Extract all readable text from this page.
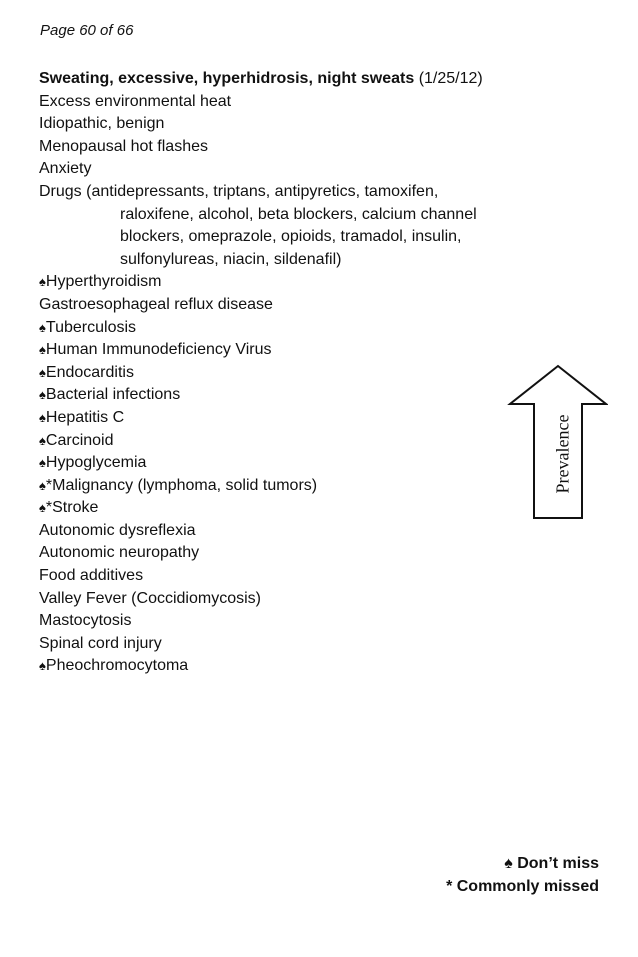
Page 60 of 66
Sweating, excessive, hyperhidrosis, night sweats (1/25/12)
Excess environmental heat
Idiopathic, benign
Menopausal hot flashes
Anxiety
Drugs (antidepressants, triptans, antipyretics, tamoxifen,
raloxifene, alcohol, beta blockers, calcium channel
blockers, omeprazole, opioids, tramadol, insulin,
sulfonylureas, niacin, sildenafil)
♠Hyperthyroidism
Gastroesophageal reflux disease
♠Tuberculosis
♠Human Immunodeficiency Virus
♠Endocarditis
♠Bacterial infections
♠Hepatitis C
♠Carcinoid
♠Hypoglycemia
♠*Malignancy (lymphoma, solid tumors)
♠*Stroke
Autonomic dysreflexia
Autonomic neuropathy
Food additives
Valley Fever (Coccidiomycosis)
Mastocytosis
Spinal cord injury
♠Pheochromocytoma
Prevalence
♠ Don’t miss
* Commonly missed
